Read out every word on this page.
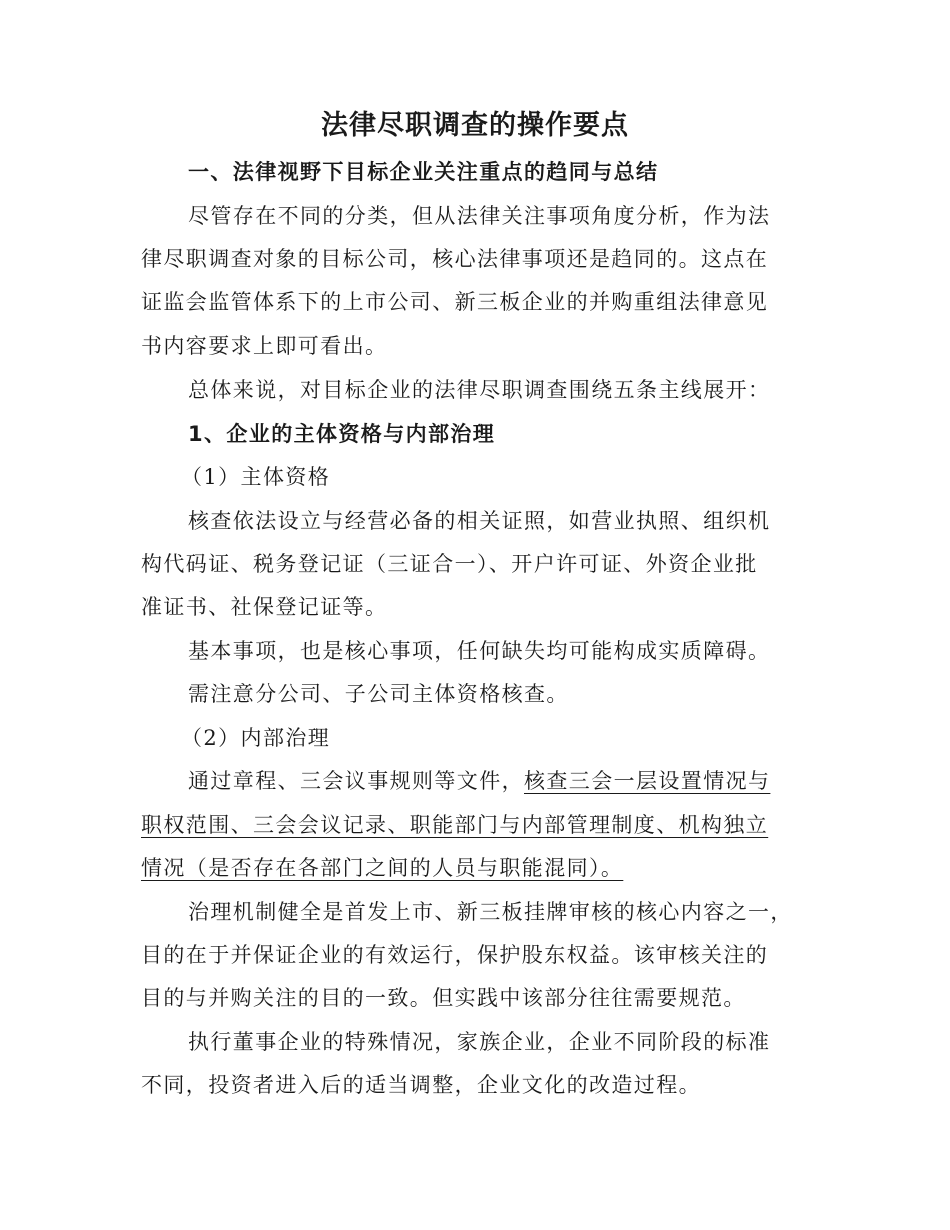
法律尽职调查的操作要点
一、法律视野下目标企业关注重点的趋同与总结
尽管存在不同的分类，但从法律关注事项角度分析，作为法
律尽职调查对象的目标公司，核心法律事项还是趋同的。这点在
证监会监管体系下的上市公司、新三板企业的并购重组法律意见
书内容要求上即可看出。
总体来说，对目标企业的法律尽职调查围绕五条主线展开：
1、企业的主体资格与内部治理
（1）主体资格
核查依法设立与经营必备的相关证照，如营业执照、组织机
构代码证、税务登记证（三证合一）、开户许可证、外资企业批
准证书、社保登记证等。
基本事项，也是核心事项，任何缺失均可能构成实质障碍。
需注意分公司、子公司主体资格核查。
（2）内部治理
通过章程、三会议事规则等文件，核查三会一层设置情况与
职权范围、三会会议记录、职能部门与内部管理制度、机构独立
情况（是否存在各部门之间的人员与职能混同）。
治理机制健全是首发上市、新三板挂牌审核的核心内容之一，
目的在于并保证企业的有效运行，保护股东权益。该审核关注的
目的与并购关注的目的一致。但实践中该部分往往需要规范。
执行董事企业的特殊情况，家族企业，企业不同阶段的标准
不同，投资者进入后的适当调整，企业文化的改造过程。
